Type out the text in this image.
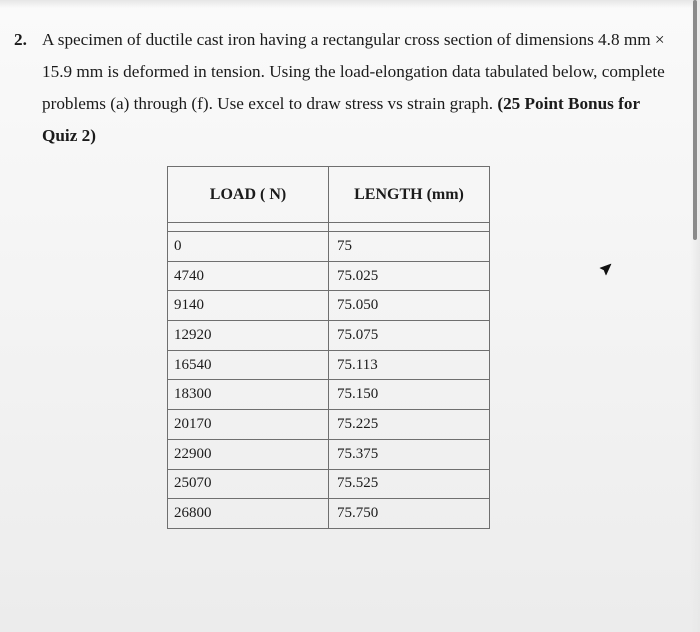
2. A specimen of ductile cast iron having a rectangular cross section of dimensions 4.8 mm × 15.9 mm is deformed in tension. Using the load-elongation data tabulated below, complete problems (a) through (f). Use excel to draw stress vs strain graph. (25 Point Bonus for Quiz 2)
LOAD ( N)	LENGTH (mm)

0	75
4740	75.025
9140	75.050
12920	75.075
16540	75.113
18300	75.150
20170	75.225
22900	75.375
25070	75.525
26800	75.750
